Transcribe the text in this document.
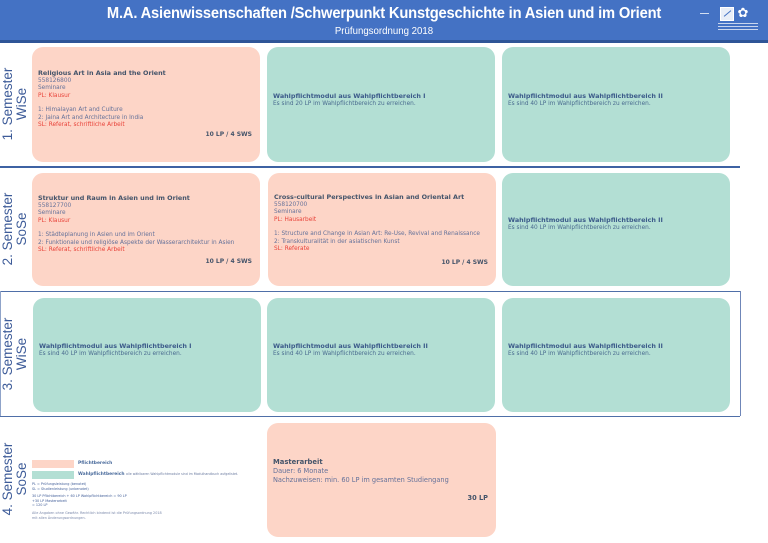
M.A. Asienwissenschaften /Schwerpunkt Kunstgeschichte in Asien und im Orient
Prüfungsordnung 2018
▬▬▬ ✿
1. Semester WiSe
Religious Art in Asia and the Orient
558126800
Seminare
PL: Klausur
1: Himalayan Art and Culture
2: Jaina Art and Architecture in India
SL: Referat, schriftliche Arbeit
10 LP / 4 SWS
Wahlpflichtmodul aus Wahlpflichtbereich I
Es sind 20 LP im Wahlpflichtbereich zu erreichen.
Wahlpflichtmodul aus Wahlpflichtbereich II
Es sind 40 LP im Wahlpflichtbereich zu erreichen.
2. Semester SoSe
Struktur und Raum in Asien und im Orient
558127700
Seminare
PL: Klausur
1: Städteplanung in Asien und im Orient
2: Funktionale und religiöse Aspekte der Wasserarchitektur in Asien
SL: Referat, schriftliche Arbeit
10 LP / 4 SWS
Cross-cultural Perspectives in Asian and Oriental Art
558120700
Seminare
PL: Hausarbeit
1: Structure and Change in Asian Art: Re-Use, Revival and Renaissance
2: Transkulturalität in der asiatischen Kunst
SL: Referate
10 LP / 4 SWS
Wahlpflichtmodul aus Wahlpflichtbereich II
Es sind 40 LP im Wahlpflichtbereich zu erreichen.
3. Semester WiSe Wahlpflichtmodul aus Wahlpflichtbereich I
Es sind 40 LP im Wahlpflichtbereich zu erreichen.
Wahlpflichtmodul aus Wahlpflichtbereich II
Es sind 40 LP im Wahlpflichtbereich zu erreichen.
Wahlpflichtmodul aus Wahlpflichtbereich II
Es sind 40 LP im Wahlpflichtbereich zu erreichen.
4. Semester SoSe
Masterarbeit
Dauer: 6 Monate
Nachzuweisen: min. 60 LP im gesamten Studiengang
30 LP
Pflichtbereich
Wahlpflichtbereich alle wählbaren Wahlpflichtmodule sind im Modulhandbuch aufgelistet.
PL = Prüfungsleistung (benotet)
SL = Studienleistung (unbenotet)
30 LP Pflichtbereich + 60 LP Wahlpflichtbereich = 90 LP
+30 LP Masterarbeit
= 120 LP
Alle Angaben ohne Gewähr. Rechtlich bindend ist die Prüfungsordnung 2018
mit allen Änderungsordnungen.
